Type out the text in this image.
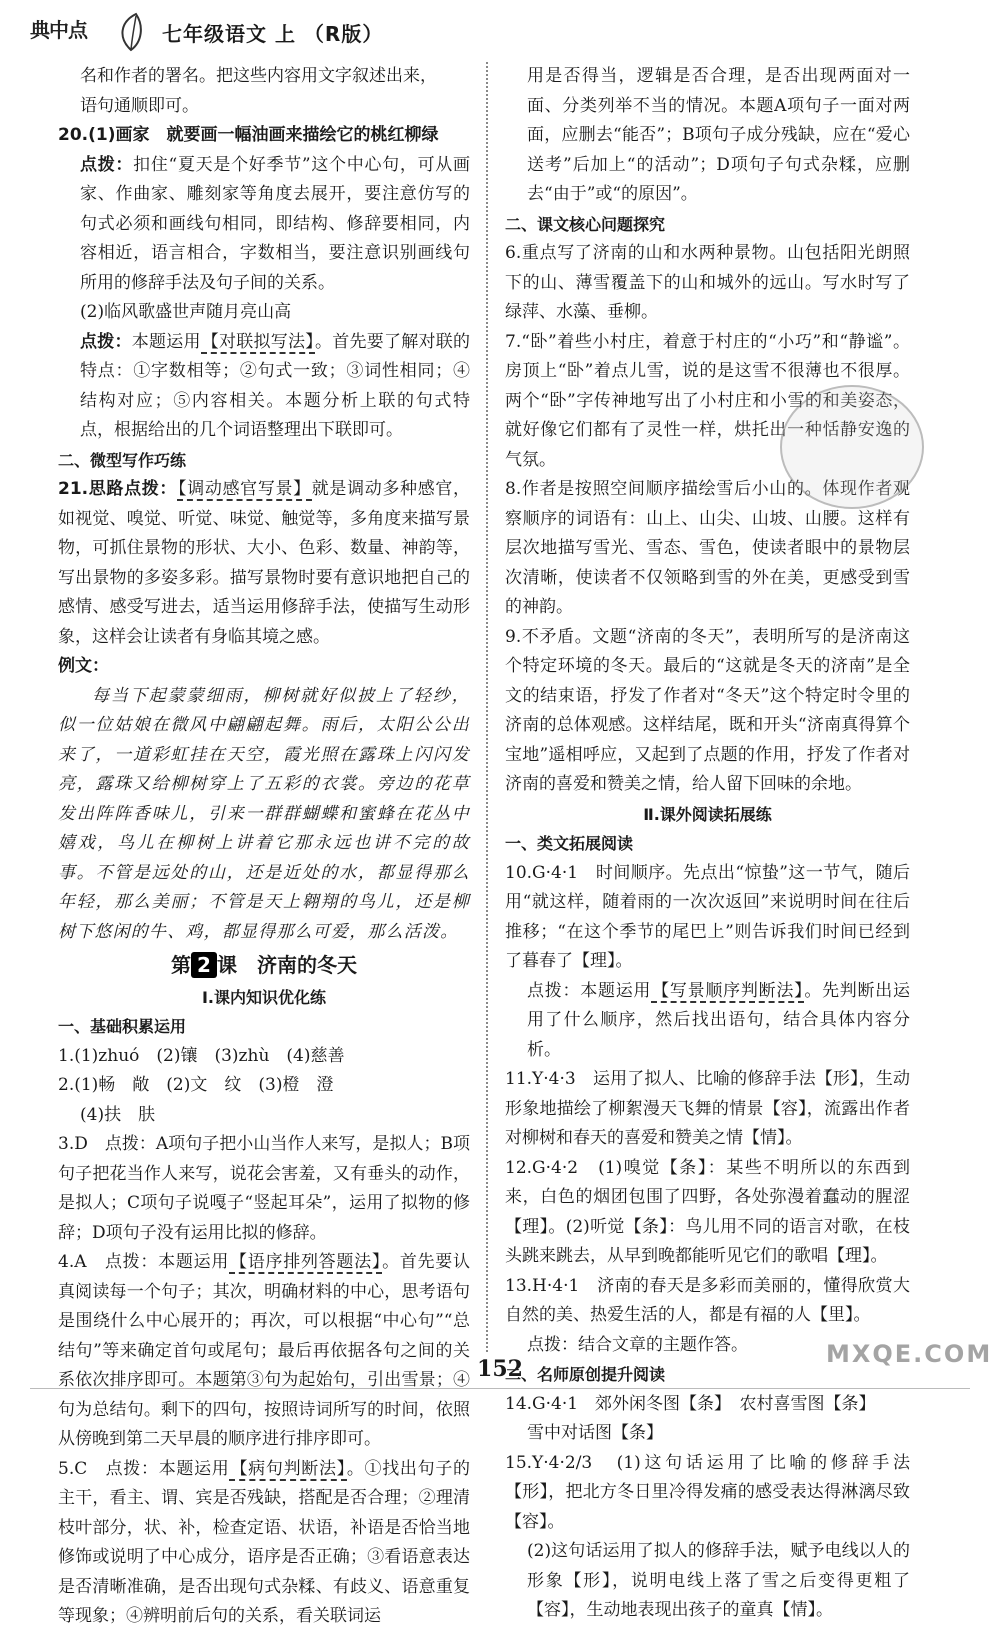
典中点	七年级语文 上 （R版）

名和作者的署名。把这些内容用文字叙述出来，

语句通顺即可。

20.(1)画家　就要画一幅油画来描绘它的桃红柳绿

点拨：扣住“夏天是个好季节”这个中心句，可从画家、作曲家、雕刻家等角度去展开，要注意仿写的句式必须和画线句相同，即结构、修辞要相同，内容相近，语言相合，字数相当，要注意识别画线句所用的修辞手法及句子间的关系。

(2)临风歌盛世声随月亮山高

点拨：本题运用【对联拟写法】。首先要了解对联的特点：①字数相等；②句式一致；③词性相同；④结构对应；⑤内容相关。本题分析上联的句式特点，根据给出的几个词语整理出下联即可。

二、微型写作巧练

21.思路点拨：【调动感官写景】就是调动多种感官，如视觉、嗅觉、听觉、味觉、触觉等，多角度来描写景物，可抓住景物的形状、大小、色彩、数量、神韵等，写出景物的多姿多彩。描写景物时要有意识地把自己的感情、感受写进去，适当运用修辞手法，使描写生动形象，这样会让读者有身临其境之感。

例文：

每当下起蒙蒙细雨，柳树就好似披上了轻纱，似一位姑娘在微风中翩翩起舞。雨后，太阳公公出来了，一道彩虹挂在天空，霞光照在露珠上闪闪发亮，露珠又给柳树穿上了五彩的衣裳。旁边的花草发出阵阵香味儿，引来一群群蝴蝶和蜜蜂在花丛中嬉戏，鸟儿在柳树上讲着它那永远也讲不完的故事。不管是远处的山，还是近处的水，都显得那么年轻，那么美丽；不管是天上翱翔的鸟儿，还是柳树下悠闲的牛、鸡，都显得那么可爱，那么活泼。

第 2 课　济南的冬天

Ⅰ.课内知识优化练

一、基础积累运用

1.(1)zhuó　(2)镶　(3)zhù　(4)慈善

2.(1)畅　敞　(2)文　纹　(3)橙　澄

(4)扶　肤

3.D　点拨：A项句子把小山当作人来写，是拟人；B项句子把花当作人来写，说花会害羞，又有垂头的动作，是拟人；C项句子说嘎子“竖起耳朵”，运用了拟物的修辞；D项句子没有运用比拟的修辞。

4.A　点拨：本题运用【语序排列答题法】。首先要认真阅读每一个句子；其次，明确材料的中心，思考语句是围绕什么中心展开的；再次，可以根据“中心句”“总结句”等来确定首句或尾句；最后再依据各句之间的关系依次排序即可。本题第③句为起始句，引出雪景；④句为总结句。剩下的四句，按照诗词所写的时间，依照从傍晚到第二天早晨的顺序进行排序即可。

5.C　点拨：本题运用【病句判断法】。①找出句子的主干，看主、谓、宾是否残缺，搭配是否合理；②理清枝叶部分，状、补，检查定语、状语，补语是否恰当地修饰或说明了中心成分，语序是否正确；③看语意表达是否清晰准确，是否出现句式杂糅、有歧义、语意重复等现象；④辨明前后句的关系，看关联词运

用是否得当，逻辑是否合理，是否出现两面对一面、分类列举不当的情况。本题A项句子一面对两面，应删去“能否”；B项句子成分残缺，应在“爱心送考”后加上“的活动”；D项句子句式杂糅，应删去“由于”或“的原因”。

二、课文核心问题探究

6.重点写了济南的山和水两种景物。山包括阳光朗照下的山、薄雪覆盖下的山和城外的远山。写水时写了绿萍、水藻、垂柳。

7.“卧”着些小村庄，着意于村庄的“小巧”和“静谧”。房顶上“卧”着点儿雪，说的是这雪不很薄也不很厚。两个“卧”字传神地写出了小村庄和小雪的和美姿态，就好像它们都有了灵性一样，烘托出一种恬静安逸的气氛。

8.作者是按照空间顺序描绘雪后小山的。体现作者观察顺序的词语有：山上、山尖、山坡、山腰。这样有层次地描写雪光、雪态、雪色，使读者眼中的景物层次清晰，使读者不仅领略到雪的外在美，更感受到雪的神韵。

9.不矛盾。文题“济南的冬天”，表明所写的是济南这个特定环境的冬天。最后的“这就是冬天的济南”是全文的结束语，抒发了作者对“冬天”这个特定时令里的济南的总体观感。这样结尾，既和开头“济南真得算个宝地”遥相呼应，又起到了点题的作用，抒发了作者对济南的喜爱和赞美之情，给人留下回味的余地。

Ⅱ.课外阅读拓展练

一、类文拓展阅读

10.G·4·1　时间顺序。先点出“惊蛰”这一节气，随后用“就这样，随着雨的一次次返回”来说明时间在往后推移；“在这个季节的尾巴上”则告诉我们时间已经到了暮春了【理】。

点拨：本题运用【写景顺序判断法】。先判断出运用了什么顺序，然后找出语句，结合具体内容分析。

11.Y·4·3　运用了拟人、比喻的修辞手法【形】，生动形象地描绘了柳絮漫天飞舞的情景【容】，流露出作者对柳树和春天的喜爱和赞美之情【情】。

12.G·4·2　(1)嗅觉【条】：某些不明所以的东西到来，白色的烟团包围了四野，各处弥漫着蠢动的腥涩【理】。(2)听觉【条】：鸟儿用不同的语言对歌，在枝头跳来跳去，从早到晚都能听见它们的歌唱【理】。

13.H·4·1　济南的春天是多彩而美丽的，懂得欣赏大自然的美、热爱生活的人，都是有福的人【里】。

点拨：结合文章的主题作答。

二、名师原创提升阅读

14.G·4·1　郊外闲冬图【条】　农村喜雪图【条】

雪中对话图【条】

15.Y·4·2/3　(1)这句话运用了比喻的修辞手法【形】，把北方冬日里冷得发痛的感受表达得淋漓尽致【容】。

(2)这句话运用了拟人的修辞手法，赋予电线以人的形象【形】，说明电线上落了雪之后变得更粗了【容】，生动地表现出孩子的童真【情】。

152
MXQE.COM
